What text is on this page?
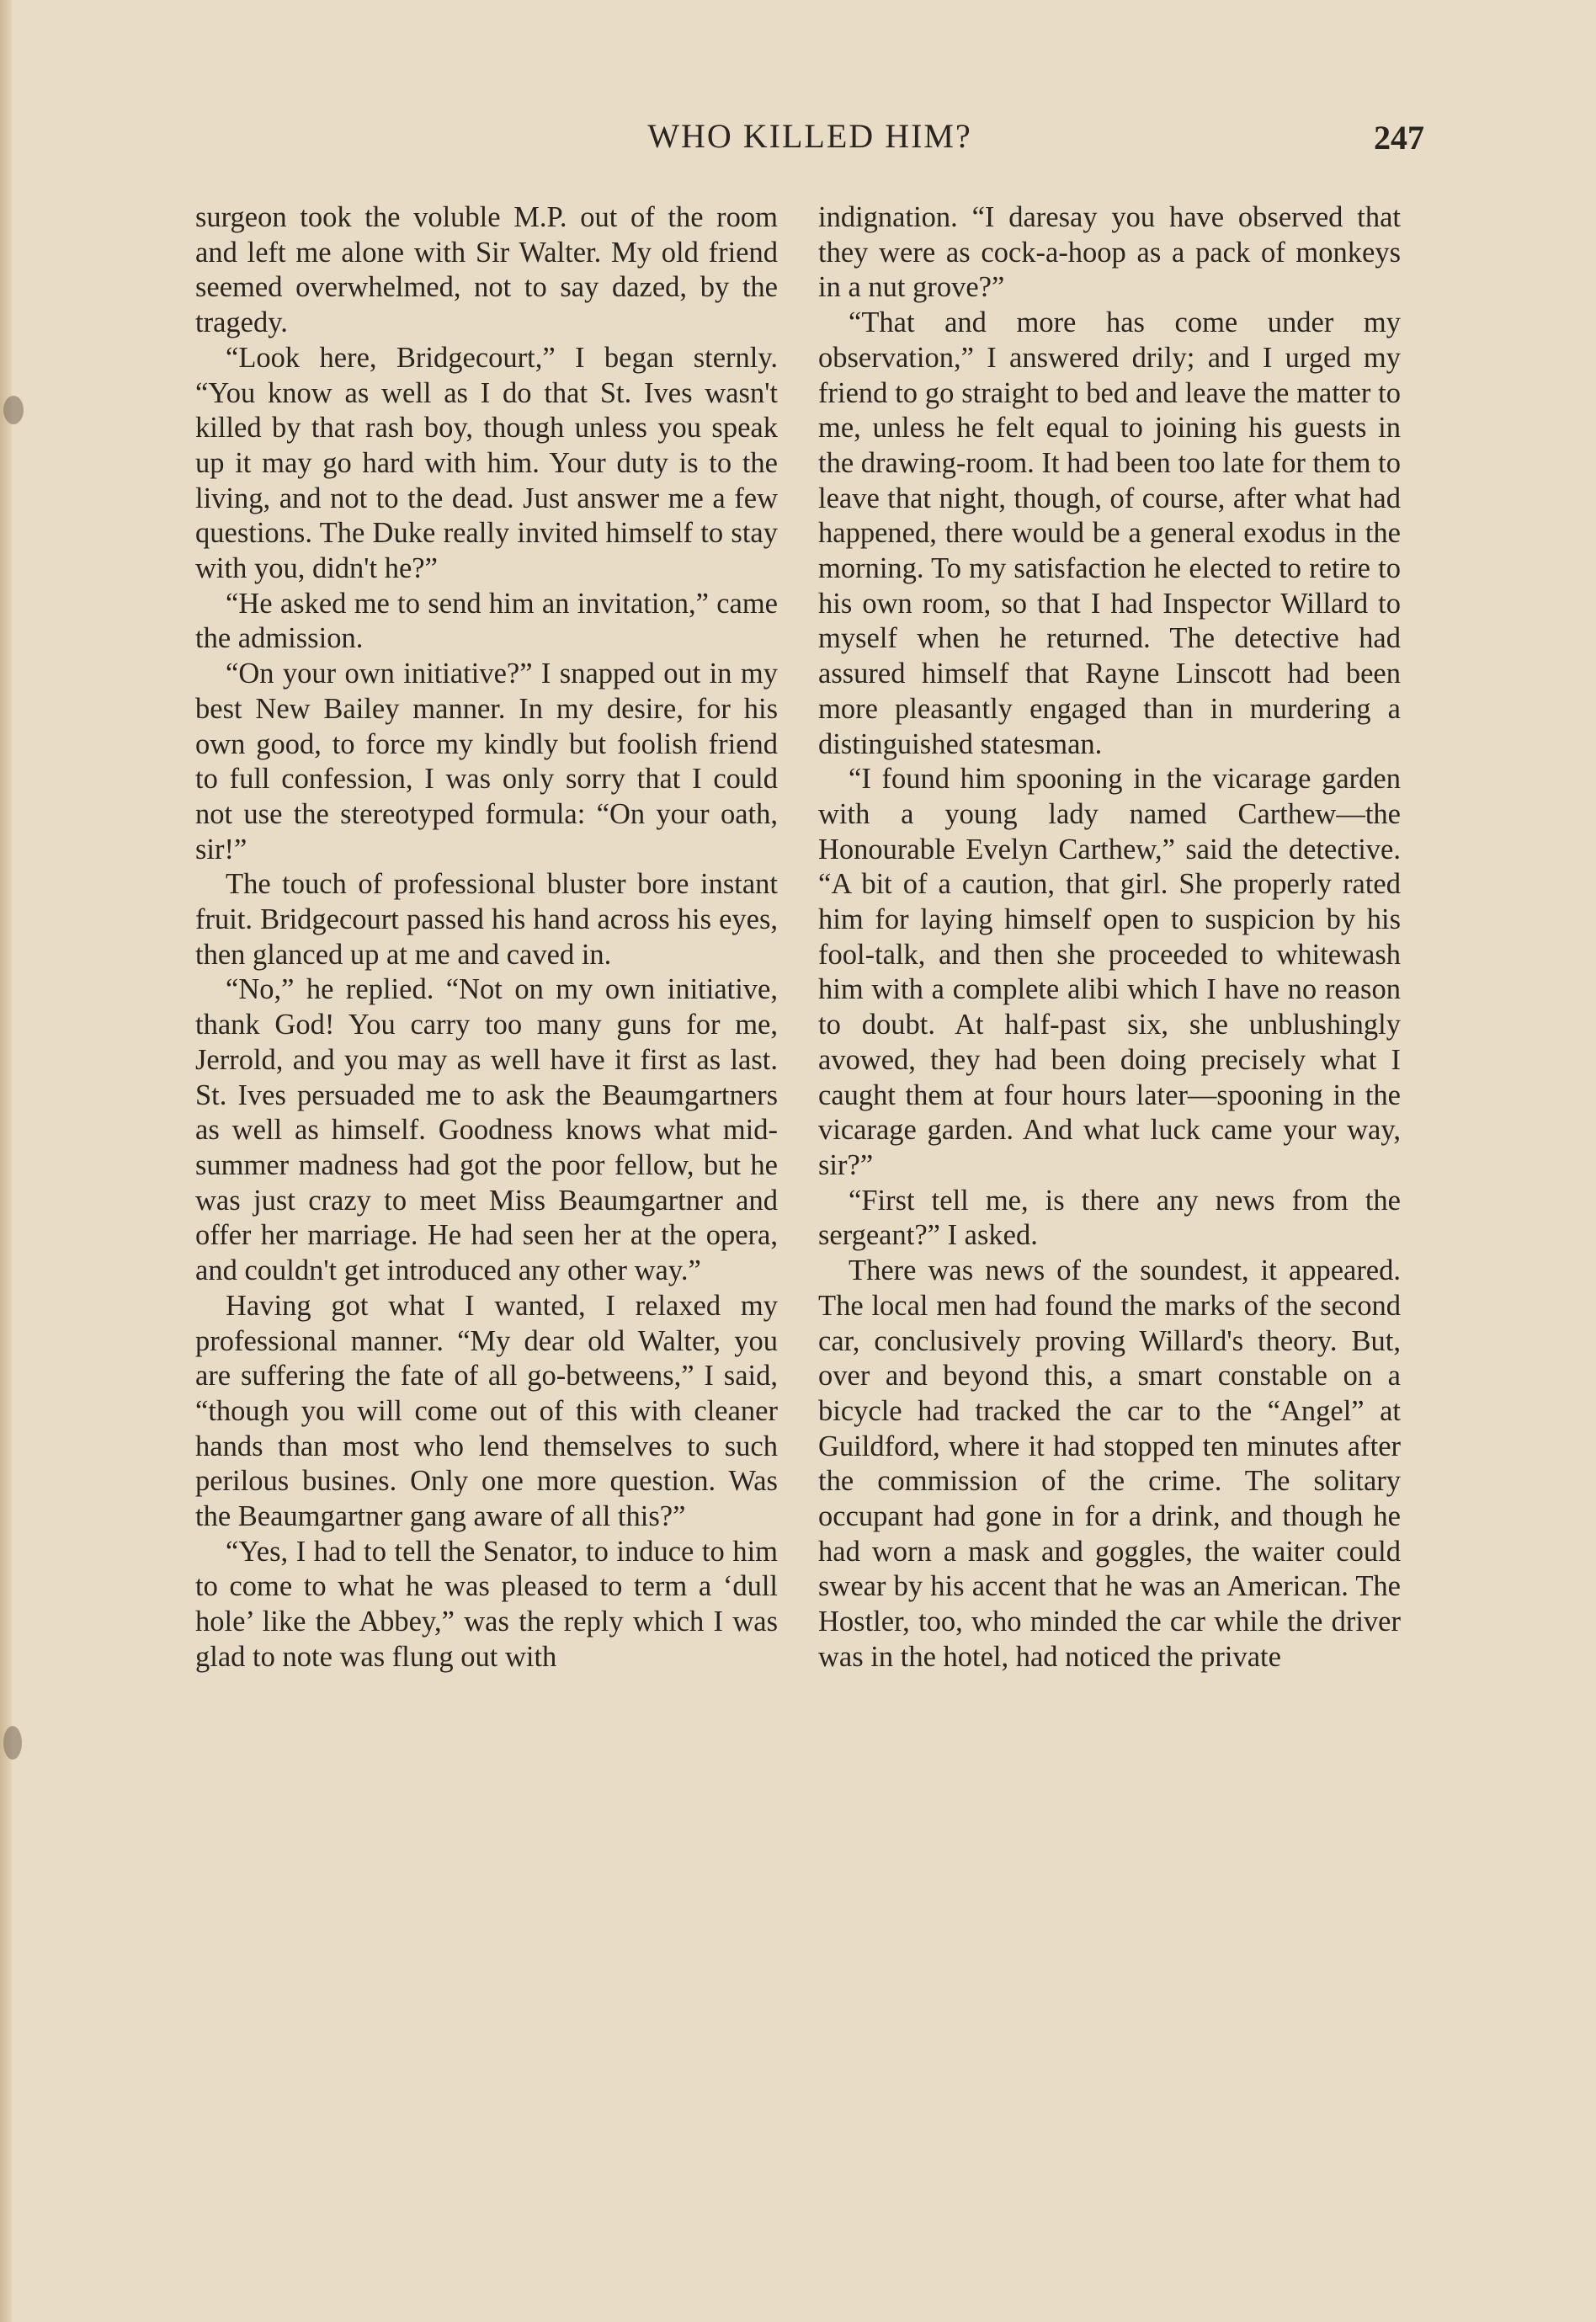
WHO KILLED HIM?	247

surgeon took the voluble M.P. out of the room and left me alone with Sir Walter. My old friend seemed overwhelmed, not to say dazed, by the tragedy.

“Look here, Bridgecourt,” I began sternly. “You know as well as I do that St. Ives wasn't killed by that rash boy, though unless you speak up it may go hard with him. Your duty is to the living, and not to the dead. Just answer me a few questions. The Duke really invited himself to stay with you, didn't he?”

“He asked me to send him an invitation,” came the admission.

“On your own initiative?” I snapped out in my best New Bailey manner. In my desire, for his own good, to force my kindly but foolish friend to full confession, I was only sorry that I could not use the stereotyped formula: “On your oath, sir!”

The touch of professional bluster bore instant fruit. Bridgecourt passed his hand across his eyes, then glanced up at me and caved in.

“No,” he replied. “Not on my own initiative, thank God! You carry too many guns for me, Jerrold, and you may as well have it first as last. St. Ives persuaded me to ask the Beaumgartners as well as himself. Goodness knows what mid-summer madness had got the poor fellow, but he was just crazy to meet Miss Beaumgartner and offer her marriage. He had seen her at the opera, and couldn't get introduced any other way.”

Having got what I wanted, I relaxed my professional manner. “My dear old Walter, you are suffering the fate of all go-betweens,” I said, “though you will come out of this with cleaner hands than most who lend themselves to such perilous busines. Only one more question. Was the Beaumgartner gang aware of all this?”

“Yes, I had to tell the Senator, to induce to him to come to what he was pleased to term a ‘dull hole’ like the Abbey,” was the reply which I was glad to note was flung out with

indignation. “I daresay you have observed that they were as cock-a-hoop as a pack of monkeys in a nut grove?”

“That and more has come under my observation,” I answered drily; and I urged my friend to go straight to bed and leave the matter to me, unless he felt equal to joining his guests in the drawing-room. It had been too late for them to leave that night, though, of course, after what had happened, there would be a general exodus in the morning. To my satisfaction he elected to retire to his own room, so that I had Inspector Willard to myself when he returned. The detective had assured himself that Rayne Linscott had been more pleasantly engaged than in murdering a distinguished statesman.

“I found him spooning in the vicarage garden with a young lady named Carthew—the Honourable Evelyn Carthew,” said the detective. “A bit of a caution, that girl. She properly rated him for laying himself open to suspicion by his fool-talk, and then she proceeded to whitewash him with a complete alibi which I have no reason to doubt. At half-past six, she unblushingly avowed, they had been doing precisely what I caught them at four hours later—spooning in the vicarage garden. And what luck came your way, sir?”

“First tell me, is there any news from the sergeant?” I asked.

There was news of the soundest, it appeared. The local men had found the marks of the second car, conclusively proving Willard's theory. But, over and beyond this, a smart constable on a bicycle had tracked the car to the “Angel” at Guildford, where it had stopped ten minutes after the commission of the crime. The solitary occupant had gone in for a drink, and though he had worn a mask and goggles, the waiter could swear by his accent that he was an American. The Hostler, too, who minded the car while the driver was in the hotel, had noticed the private
